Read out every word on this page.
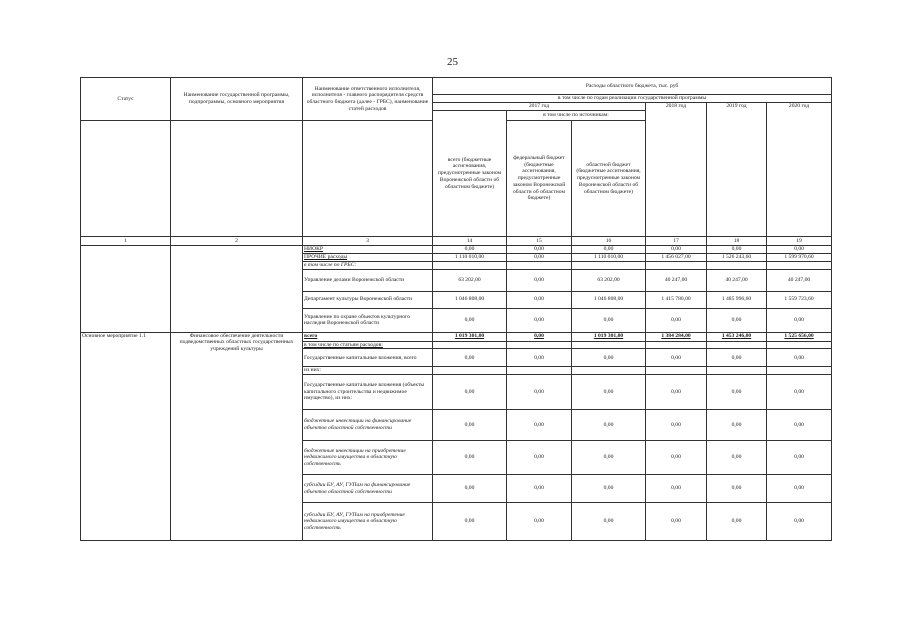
25
Статус	Наименование государственной программы, подпрограммы, основного мероприятия	Наименование ответственного исполнителя, исполнителя - главного распорядителя средств областного бюджета (далее - ГРБС), наименование статей расходов	Расходы областного бюджета, тыс. руб					
			в том числе по годам реализации государственной программы					
			2017 год			2018 год	2019 год	2020 год
			всего (бюджетные ассигнования, предусмотренные законом Воронежской области об областном бюджете)	в том числе по источникам:				
				федеральный бюджет (бюджетные ассигнования, предусмотренные законом Воронежской области об областном бюджете)	областной бюджет (бюджетные ассигнования, предусмотренные законом Воронежской области об областном бюджете)			
1	2	3	14	15	16	17	18	19
		НИОКР	0,00	0,00	0,00	0,00	0,00	0,00
		ПРОЧИЕ расходы	1 110 010,00	0,00	1 110 010,00	1 456 027,00	1 526 243,60	1 599 970,60
		в том числе по ГРБС:						
		Управление делами Воронежской области	63 202,00	0,00	63 202,00	40 247,00	40 247,00	40 247,00
		Департамент культуры Воронежской области	1 046 808,00	0,00	1 046 808,00	1 415 780,00	1 485 996,60	1 559 723,60
		Управление по охране объектов культурного наследия Воронежской области	0,00	0,00	0,00	0,00	0,00	0,00
Основное мероприятие 1.1	Финансовое обеспечение деятельности подведомственных областных государственных учреждений культуры	всего	1 019 301,00	0,00	1 019 301,00	1 384 284,00	1 453 246,00	1 525 656,00
		в том числе по статьям расходов:						
		Государственные капитальные вложения, всего	0,00	0,00	0,00	0,00	0,00	0,00
		из них:						
		Государственные капитальные вложения (объекты капитального строительства и недвижимое имущество), из них:	0,00	0,00	0,00	0,00	0,00	0,00
		бюджетные инвестиции на финансирование объектов областной собственности	0,00	0,00	0,00	0,00	0,00	0,00
		бюджетные инвестиции на приобретение недвижимого имущества в областную собственность	0,00	0,00	0,00	0,00	0,00	0,00
		субсидии БУ, АУ, ГУПам на финансирование объектов областной собственности	0,00	0,00	0,00	0,00	0,00	0,00
		субсидии БУ, АУ, ГУПам на приобретение недвижимого имущества в областную собственность	0,00	0,00	0,00	0,00	0,00	0,00
